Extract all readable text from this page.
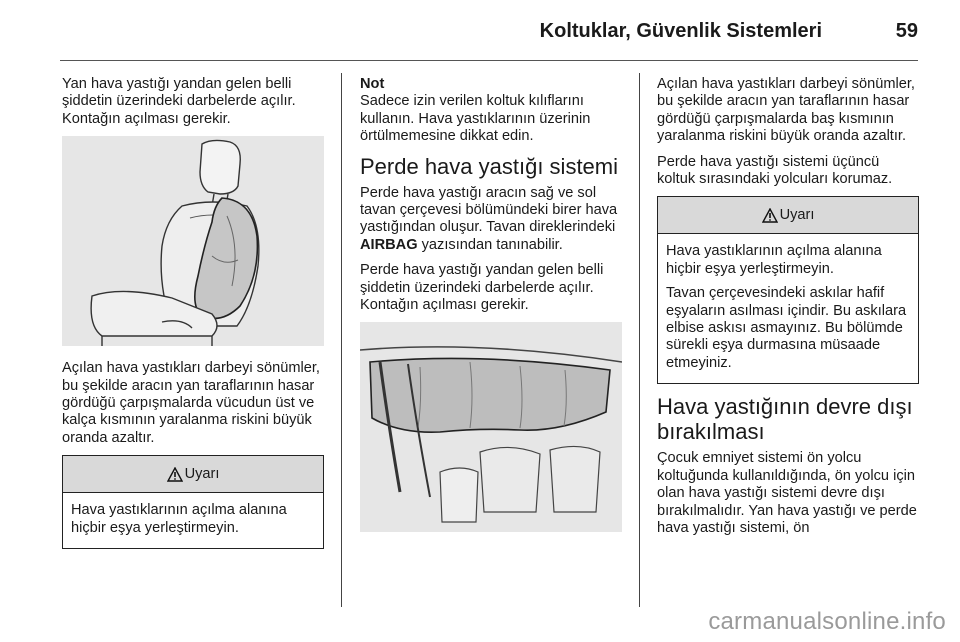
Koltuklar, Güvenlik Sistemleri	59

Yan hava yastığı yandan gelen belli şiddetin üzerindeki darbelerde açılır. Kontağın açılması gerekir.

Açılan hava yastıkları darbeyi sönümler, bu şekilde aracın yan taraflarının hasar gördüğü çarpışmalarda vücudun üst ve kalça kısmının yaralanma riskini büyük oranda azaltır.

Uyarı

Hava yastıklarının açılma alanına hiçbir eşya yerleştirmeyin.

Not
Sadece izin verilen koltuk kılıflarını kullanın. Hava yastıklarının üzerinin örtülmemesine dikkat edin.

Perde hava yastığı sistemi

Perde hava yastığı aracın sağ ve sol tavan çerçevesi bölümündeki birer hava yastığından oluşur. Tavan direklerindeki AIRBAG yazısından tanınabilir.

Perde hava yastığı yandan gelen belli şiddetin üzerindeki darbelerde açılır. Kontağın açılması gerekir.

Açılan hava yastıkları darbeyi sönümler, bu şekilde aracın yan taraflarının hasar gördüğü çarpışmalarda baş kısmının yaralanma riskini büyük oranda azaltır.

Perde hava yastığı sistemi üçüncü koltuk sırasındaki yolcuları korumaz.

Uyarı

Hava yastıklarının açılma alanına hiçbir eşya yerleştirmeyin.

Tavan çerçevesindeki askılar hafif eşyaların asılması içindir. Bu askılara elbise askısı asmayınız. Bu bölümde sürekli eşya durmasına müsaade etmeyiniz.

Hava yastığının devre dışı bırakılması

Çocuk emniyet sistemi ön yolcu koltuğunda kullanıldığında, ön yolcu için olan hava yastığı sistemi devre dışı bırakılmalıdır. Yan hava yastığı ve perde hava yastığı sistemi, ön

carmanualsonline.info
